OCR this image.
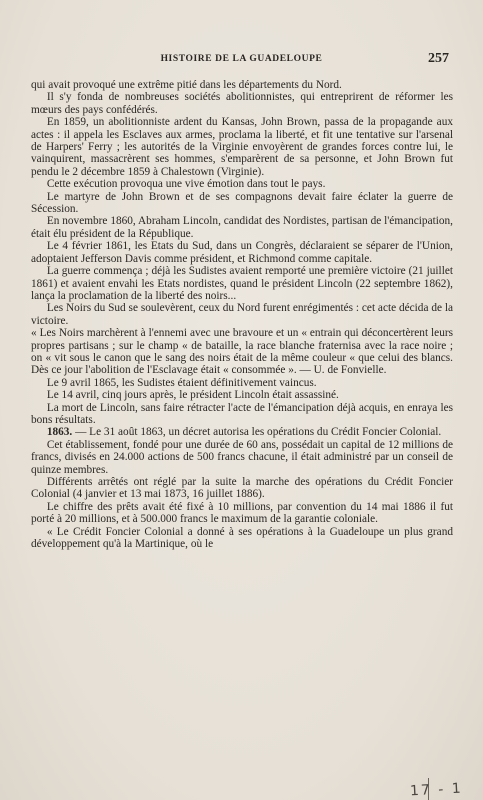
HISTOIRE DE LA GUADELOUPE	257

qui avait provoqué une extrême pitié dans les départements du Nord.

Il s'y fonda de nombreuses sociétés abolitionnistes, qui entreprirent de réformer les mœurs des pays confédérés.

En 1859, un abolitionniste ardent du Kansas, John Brown, passa de la propagande aux actes : il appela les Esclaves aux armes, proclama la liberté, et fit une tentative sur l'arsenal de Harpers' Ferry ; les autorités de la Virginie envoyèrent de grandes forces contre lui, le vainquirent, massacrèrent ses hommes, s'emparèrent de sa personne, et John Brown fut pendu le 2 décembre 1859 à Chalestown (Virginie).

Cette exécution provoqua une vive émotion dans tout le pays.

Le martyre de John Brown et de ses compagnons devait faire éclater la guerre de Sécession.

En novembre 1860, Abraham Lincoln, candidat des Nordistes, partisan de l'émancipation, était élu président de la République.

Le 4 février 1861, les Etats du Sud, dans un Congrès, déclaraient se séparer de l'Union, adoptaient Jefferson Davis comme président, et Richmond comme capitale.

La guerre commença ; déjà les Sudistes avaient remporté une première victoire (21 juillet 1861) et avaient envahi les Etats nordistes, quand le président Lincoln (22 septembre 1862), lança la proclamation de la liberté des noirs...

Les Noirs du Sud se soulevèrent, ceux du Nord furent enrégimentés : cet acte décida de la victoire.

« Les Noirs marchèrent à l'ennemi avec une bravoure et un « entrain qui déconcertèrent leurs propres partisans ; sur le champ « de bataille, la race blanche fraternisa avec la race noire ; on « vit sous le canon que le sang des noirs était de la même couleur « que celui des blancs. Dès ce jour l'abolition de l'Esclavage était « consommée ». — U. de Fonvielle.

Le 9 avril 1865, les Sudistes étaient définitivement vaincus.

Le 14 avril, cinq jours après, le président Lincoln était assassiné.

La mort de Lincoln, sans faire rétracter l'acte de l'émancipation déjà acquis, en enraya les bons résultats.

1863. — Le 31 août 1863, un décret autorisa les opérations du Crédit Foncier Colonial.

Cet établissement, fondé pour une durée de 60 ans, possédait un capital de 12 millions de francs, divisés en 24.000 actions de 500 francs chacune, il était administré par un conseil de quinze membres.

Différents arrêtés ont réglé par la suite la marche des opérations du Crédit Foncier Colonial (4 janvier et 13 mai 1873, 16 juillet 1886).

Le chiffre des prêts avait été fixé à 10 millions, par convention du 14 mai 1886 il fut porté à 20 millions, et à 500.000 francs le maximum de la garantie coloniale.

« Le Crédit Foncier Colonial a donné à ses opérations à la Guadeloupe un plus grand développement qu'à la Martinique, où le

17 - 1
